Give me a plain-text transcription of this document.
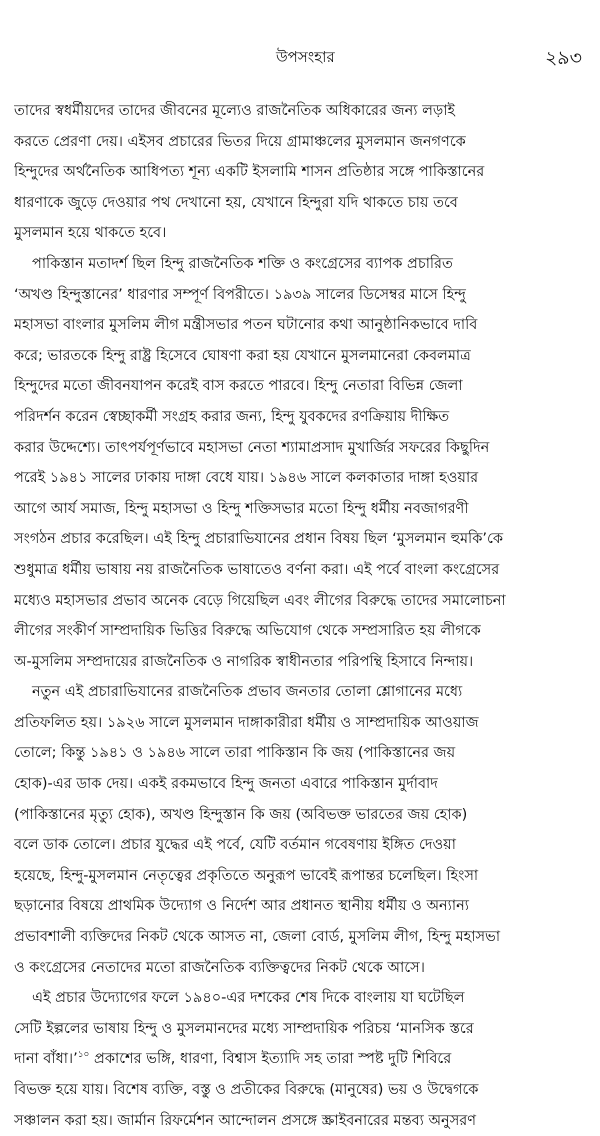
উপসংহার	২৯৩

তাদের স্বধর্মীয়দের তাদের জীবনের মূল্যেও রাজনৈতিক অধিকারের জন্য লড়াই
করতে প্রেরণা দেয়। এইসব প্রচারের ভিতর দিয়ে গ্রামাঞ্চলের মুসলমান জনগণকে
হিন্দুদের অর্থনৈতিক আধিপত্য শূন্য একটি ইসলামি শাসন প্রতিষ্ঠার সঙ্গে পাকিস্তানের
ধারণাকে জুড়ে দেওয়ার পথ দেখানো হয়, যেখানে হিন্দুরা যদি থাকতে চায় তবে
মুসলমান হয়ে থাকতে হবে।

পাকিস্তান মতাদর্শ ছিল হিন্দু রাজনৈতিক শক্তি ও কংগ্রেসের ব্যাপক প্রচারিত
‘অখণ্ড হিন্দুস্তানের’ ধারণার সম্পূর্ণ বিপরীতে। ১৯৩৯ সালের ডিসেম্বর মাসে হিন্দু
মহাসভা বাংলার মুসলিম লীগ মন্ত্রীসভার পতন ঘটানোর কথা আনুষ্ঠানিকভাবে দাবি
করে; ভারতকে হিন্দু রাষ্ট্র হিসেবে ঘোষণা করা হয় যেখানে মুসলমানেরা কেবলমাত্র
হিন্দুদের মতো জীবনযাপন করেই বাস করতে পারবে। হিন্দু নেতারা বিভিন্ন জেলা
পরিদর্শন করেন স্বেচ্ছাকর্মী সংগ্রহ করার জন্য, হিন্দু যুবকদের রণক্রিয়ায় দীক্ষিত
করার উদ্দেশ্যে। তাৎপর্যপূর্ণভাবে মহাসভা নেতা শ্যামাপ্রসাদ মুখার্জির সফরের কিছুদিন
পরেই ১৯৪১ সালের ঢাকায় দাঙ্গা বেধে যায়। ১৯৪৬ সালে কলকাতার দাঙ্গা হওয়ার
আগে আর্য সমাজ, হিন্দু মহাসভা ও হিন্দু শক্তিসভার মতো হিন্দু ধর্মীয় নবজাগরণী
সংগঠন প্রচার করেছিল। এই হিন্দু প্রচারাভিযানের প্রধান বিষয় ছিল ‘মুসলমান হুমকি’কে
শুধুমাত্র ধর্মীয় ভাষায় নয় রাজনৈতিক ভাষাতেও বর্ণনা করা। এই পর্বে বাংলা কংগ্রেসের
মধ্যেও মহাসভার প্রভাব অনেক বেড়ে গিয়েছিল এবং লীগের বিরুদ্ধে তাদের সমালোচনা
লীগের সংকীর্ণ সাম্প্রদায়িক ভিত্তির বিরুদ্ধে অভিযোগ থেকে সম্প্রসারিত হয় লীগকে
অ-মুসলিম সম্প্রদায়ের রাজনৈতিক ও নাগরিক স্বাধীনতার পরিপন্থি হিসাবে নিন্দায়।

নতুন এই প্রচারাভিযানের রাজনৈতিক প্রভাব জনতার তোলা শ্লোগানের মধ্যে
প্রতিফলিত হয়। ১৯২৬ সালে মুসলমান দাঙ্গাকারীরা ধর্মীয় ও সাম্প্রদায়িক আওয়াজ
তোলে; কিন্তু ১৯৪১ ও ১৯৪৬ সালে তারা পাকিস্তান কি জয় (পাকিস্তানের জয়
হোক)-এর ডাক দেয়। একই রকমভাবে হিন্দু জনতা এবারে পাকিস্তান মুর্দাবাদ
(পাকিস্তানের মৃত্যু হোক), অখণ্ড হিন্দুস্তান কি জয় (অবিভক্ত ভারতের জয় হোক)
বলে ডাক তোলে। প্রচার যুদ্ধের এই পর্বে, যেটি বর্তমান গবেষণায় ইঙ্গিত দেওয়া
হয়েছে, হিন্দু-মুসলমান নেতৃত্বের প্রকৃতিতে অনুরূপ ভাবেই রূপান্তর চলেছিল। হিংসা
ছড়ানোর বিষয়ে প্রাথমিক উদ্যোগ ও নির্দেশ আর প্রধানত স্থানীয় ধর্মীয় ও অন্যান্য
প্রভাবশালী ব্যক্তিদের নিকট থেকে আসত না, জেলা বোর্ড, মুসলিম লীগ, হিন্দু মহাসভা
ও কংগ্রেসের নেতাদের মতো রাজনৈতিক ব্যক্তিত্বদের নিকট থেকে আসে।

এই প্রচার উদ্যোগের ফলে ১৯৪০-এর দশকের শেষ দিকে বাংলায় যা ঘটেছিল
সেটি ইল্পলের ভাষায় হিন্দু ও মুসলমানদের মধ্যে সাম্প্রদায়িক পরিচয় ‘মানসিক স্তরে
দানা বাঁধা।’$^{১০}$ প্রকাশের ভঙ্গি, ধারণা, বিশ্বাস ইত্যাদি সহ তারা স্পষ্ট দুটি শিবিরে
বিভক্ত হয়ে যায়। বিশেষ ব্যক্তি, বস্তু ও প্রতীকের বিরুদ্ধে (মানুষের) ভয় ও উদ্বেগকে
সঞ্চালন করা হয়। জার্মান রিফর্মেশন আন্দোলন প্রসঙ্গে স্ক্রাইবনারের মন্তব্য অনুসরণ
